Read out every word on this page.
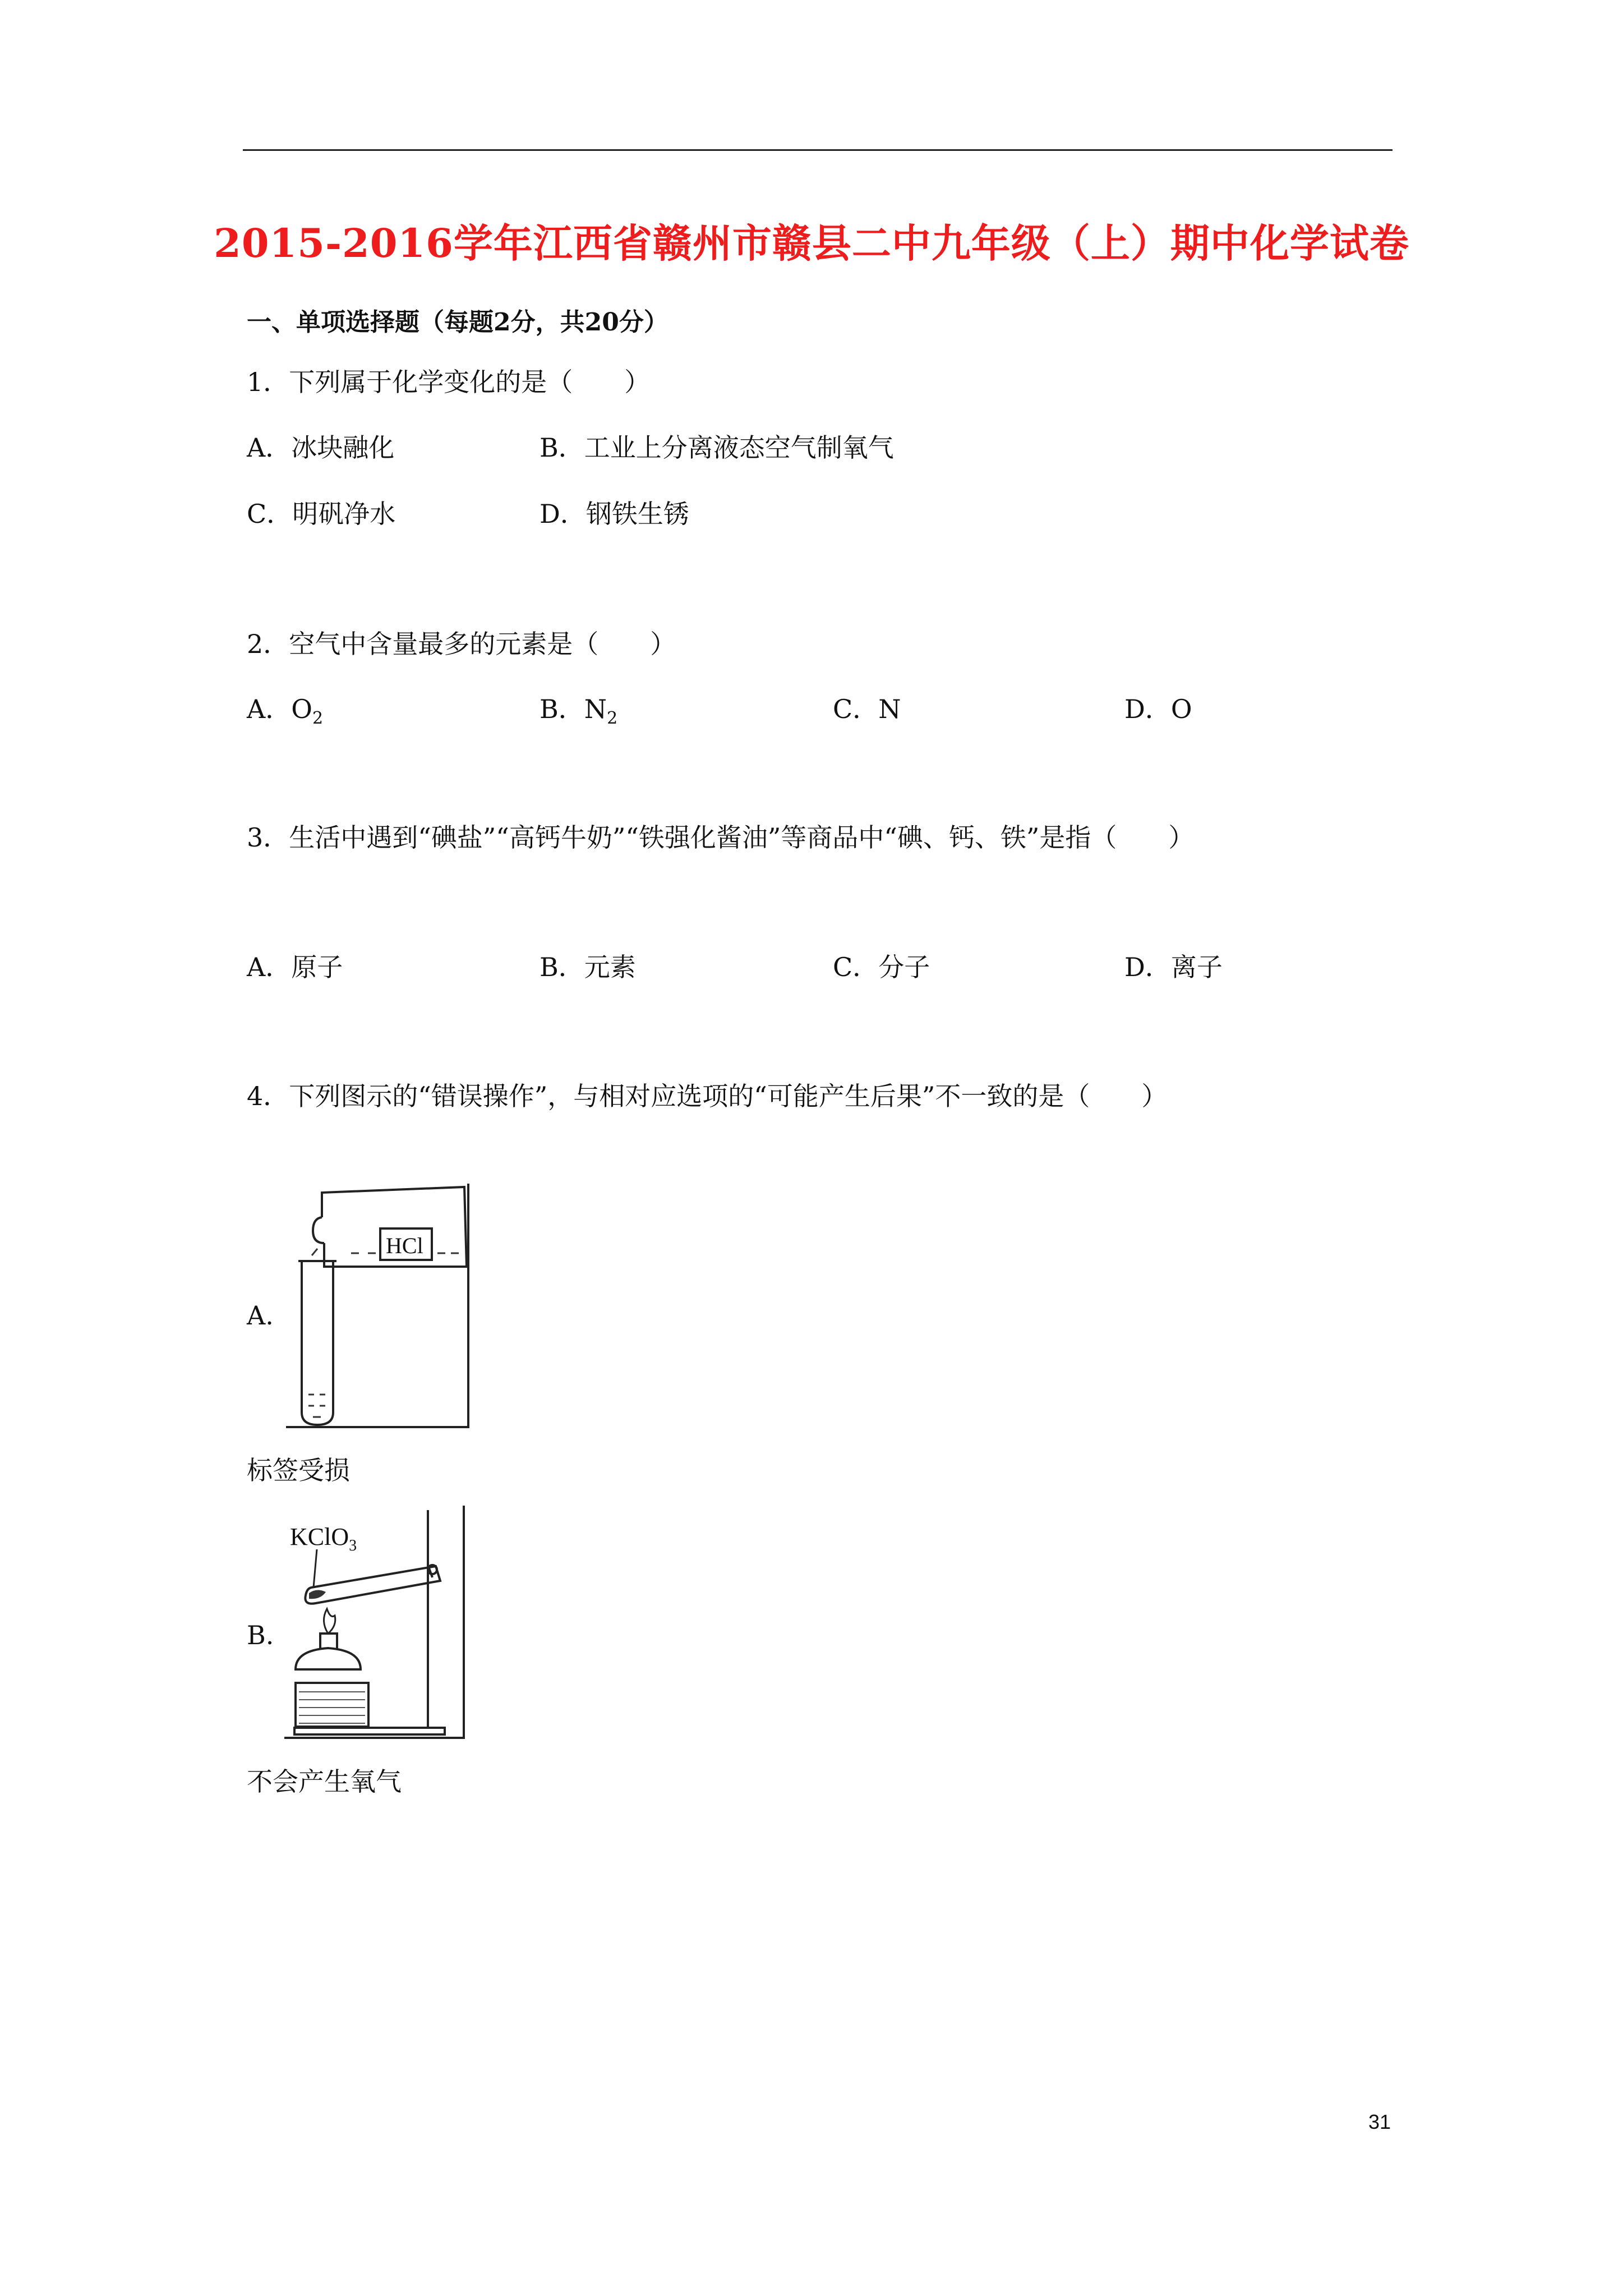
2015-2016学年江西省赣州市赣县二中九年级（上）期中化学试卷
一、单项选择题（每题2分，共20分）
1．下列属于化学变化的是（　　）
A．冰块融化	B．工业上分离液态空气制氧气
C．明矾净水	D．钢铁生锈
2．空气中含量最多的元素是（　　）
A．$O_2$	B．$N_2$	C．N	D．O
3．生活中遇到“碘盐”“高钙牛奶”“铁强化酱油”等商品中“碘、钙、铁”是指（　　）
A．原子	B．元素	C．分子	D．离子
4．下列图示的“错误操作”，与相对应选项的“可能产生后果”不一致的是（　　）
A.
HCl
标签受损
B.
KClO$_3$
不会产生氧气
31
